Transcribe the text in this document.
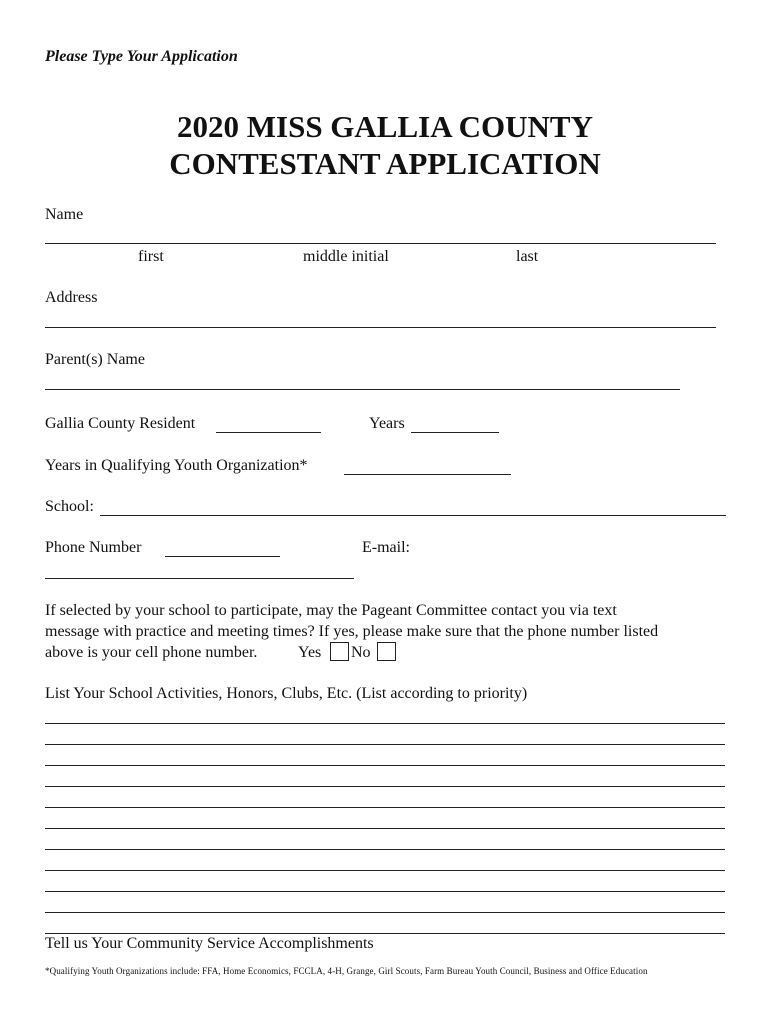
Please Type Your Application
2020 MISS GALLIA COUNTY
CONTESTANT APPLICATION
Name
first	middle initial	last
Address
Parent(s) Name
Gallia County Resident	Years
Years in Qualifying Youth Organization*
School:
Phone Number	E-mail:
If selected by your school to participate, may the Pageant Committee contact you via text
message with practice and meeting times? If yes, please make sure that the phone number listed
above is your cell phone number.	Yes No
List Your School Activities, Honors, Clubs, Etc. (List according to priority)
Tell us Your Community Service Accomplishments
*Qualifying Youth Organizations include: FFA, Home Economics, FCCLA, 4-H, Grange, Girl Scouts, Farm Bureau Youth Council, Business and Office Education
